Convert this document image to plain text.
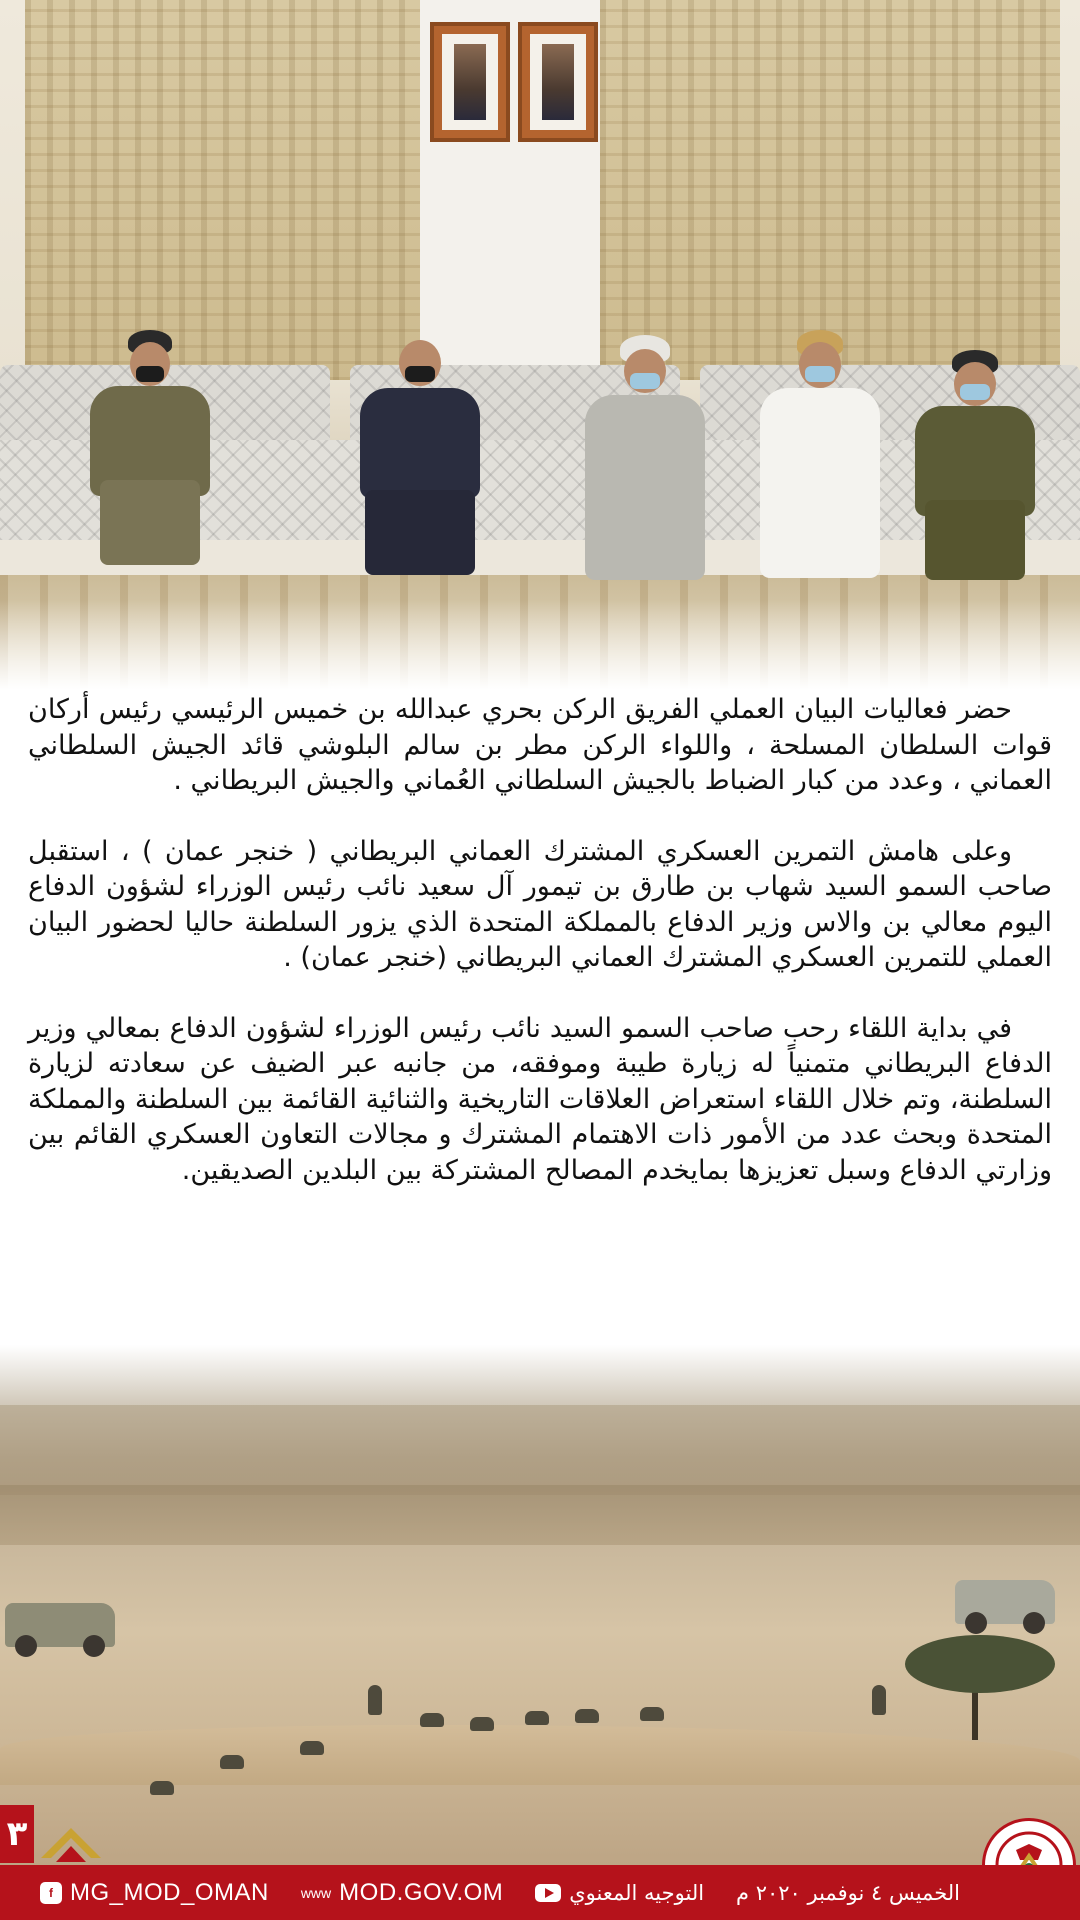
حضر فعاليات البيان العملي الفريق الركن بحري عبدالله بن خميس الرئيسي رئيس أركان قوات السلطان المسلحة ، واللواء الركن مطر بن سالم البلوشي قائد الجيش السلطاني العماني ، وعدد من كبار الضباط بالجيش السلطاني العُماني والجيش البريطاني .

وعلى هامش التمرين العسكري المشترك العماني البريطاني ( خنجر عمان ) ، استقبل صاحب السمو السيد شهاب بن طارق بن تيمور آل سعيد نائب رئيس الوزراء لشؤون الدفاع اليوم معالي بن والاس وزير الدفاع بالمملكة المتحدة الذي يزور السلطنة حاليا لحضور البيان العملي للتمرين العسكري المشترك العماني البريطاني (خنجر عمان) .

في بداية اللقاء رحب صاحب السمو السيد نائب رئيس الوزراء لشؤون الدفاع بمعالي وزير الدفاع البريطاني متمنياً له زيارة طيبة وموفقه، من جانبه عبر الضيف عن سعادته لزيارة السلطنة، وتم خلال اللقاء استعراض العلاقات التاريخية والثنائية القائمة بين السلطنة والمملكة المتحدة وبحث عدد من الأمور ذات الاهتمام المشترك و مجالات التعاون العسكري القائم بين وزارتي الدفاع وسبل تعزيزها بمايخدم المصالح المشتركة بين البلدين الصديقين.

٣
f MG_MOD_OMAN www MOD.GOV.OM	التوجيه المعنوي الخميس ٤ نوفمبر ٢٠٢٠ م
